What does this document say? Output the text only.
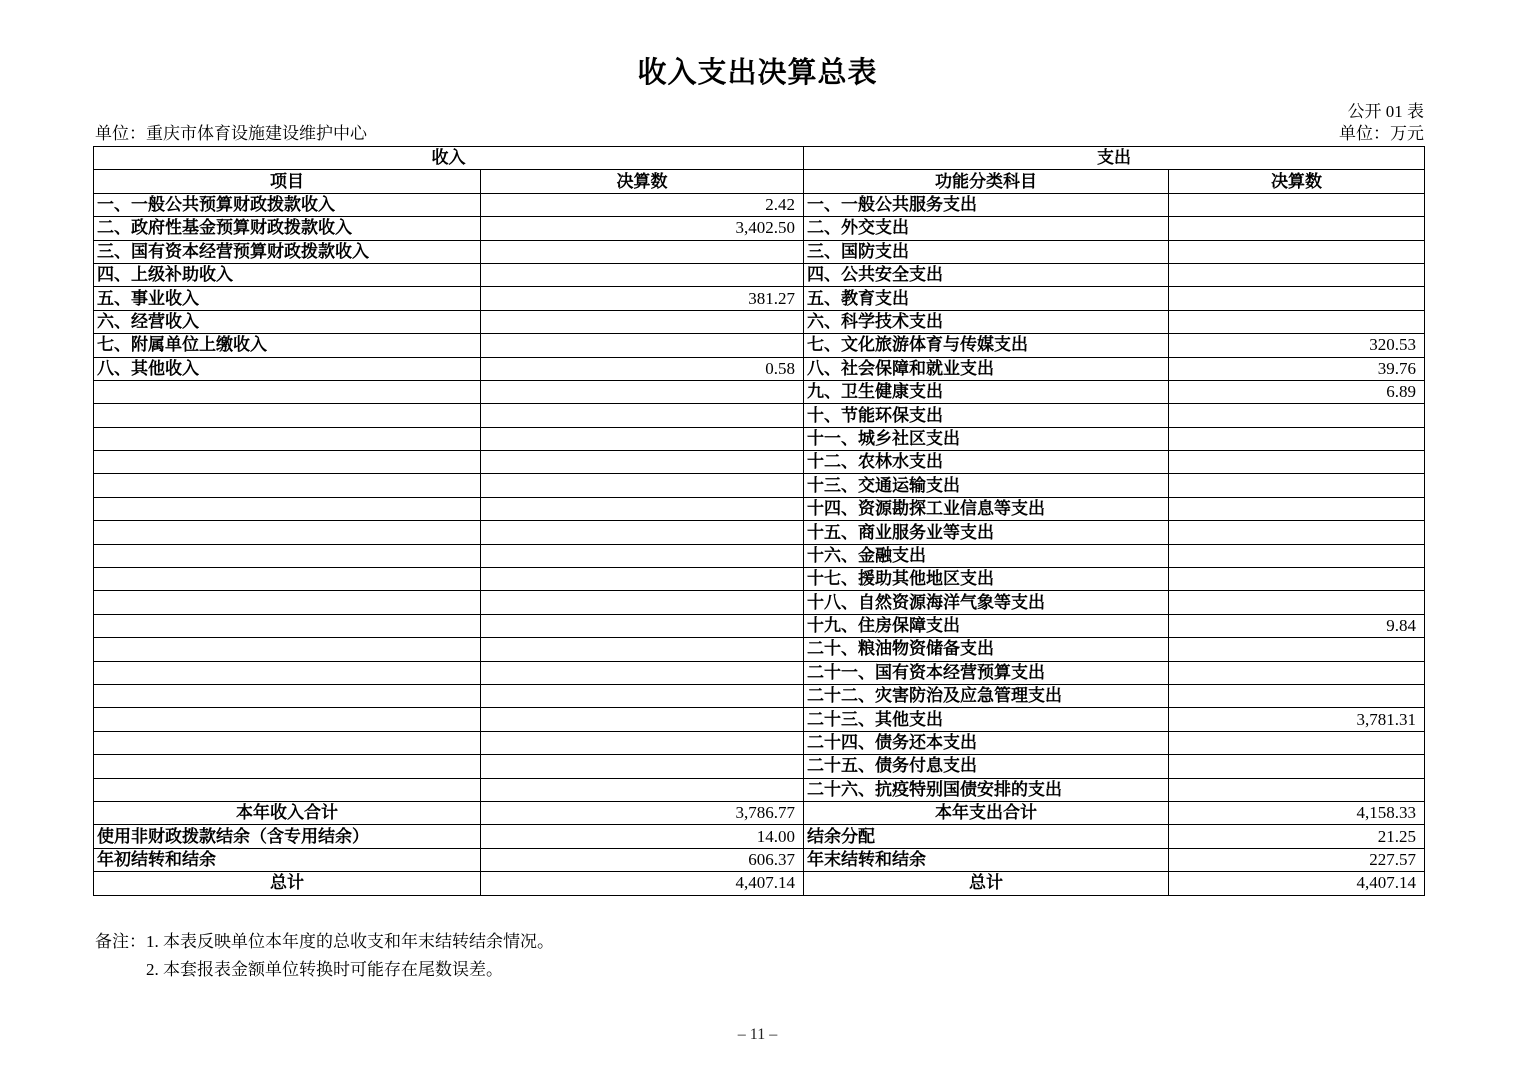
收入支出决算总表
公开 01 表
单位：重庆市体育设施建设维护中心	单位：万元
收入		支出	
项目	决算数	功能分类科目	决算数
一、一般公共预算财政拨款收入	2.42	一、一般公共服务支出	
二、政府性基金预算财政拨款收入	3,402.50	二、外交支出	
三、国有资本经营预算财政拨款收入		三、国防支出	
四、上级补助收入		四、公共安全支出	
五、事业收入	381.27	五、教育支出	
六、经营收入		六、科学技术支出	
七、附属单位上缴收入		七、文化旅游体育与传媒支出	320.53
八、其他收入	0.58	八、社会保障和就业支出	39.76
		九、卫生健康支出	6.89
		十、节能环保支出	
		十一、城乡社区支出	
		十二、农林水支出	
		十三、交通运输支出	
		十四、资源勘探工业信息等支出	
		十五、商业服务业等支出	
		十六、金融支出	
		十七、援助其他地区支出	
		十八、自然资源海洋气象等支出	
		十九、住房保障支出	9.84
		二十、粮油物资储备支出	
		二十一、国有资本经营预算支出	
		二十二、灾害防治及应急管理支出	
		二十三、其他支出	3,781.31
		二十四、债务还本支出	
		二十五、债务付息支出	
		二十六、抗疫特别国债安排的支出	
本年收入合计	3,786.77	本年支出合计	4,158.33
使用非财政拨款结余（含专用结余）	14.00	结余分配	21.25
年初结转和结余	606.37	年末结转和结余	227.57
总计	4,407.14	总计	4,407.14
备注： 1. 本表反映单位本年度的总收支和年末结转结余情况。
2. 本套报表金额单位转换时可能存在尾数误差。
– 11 –
